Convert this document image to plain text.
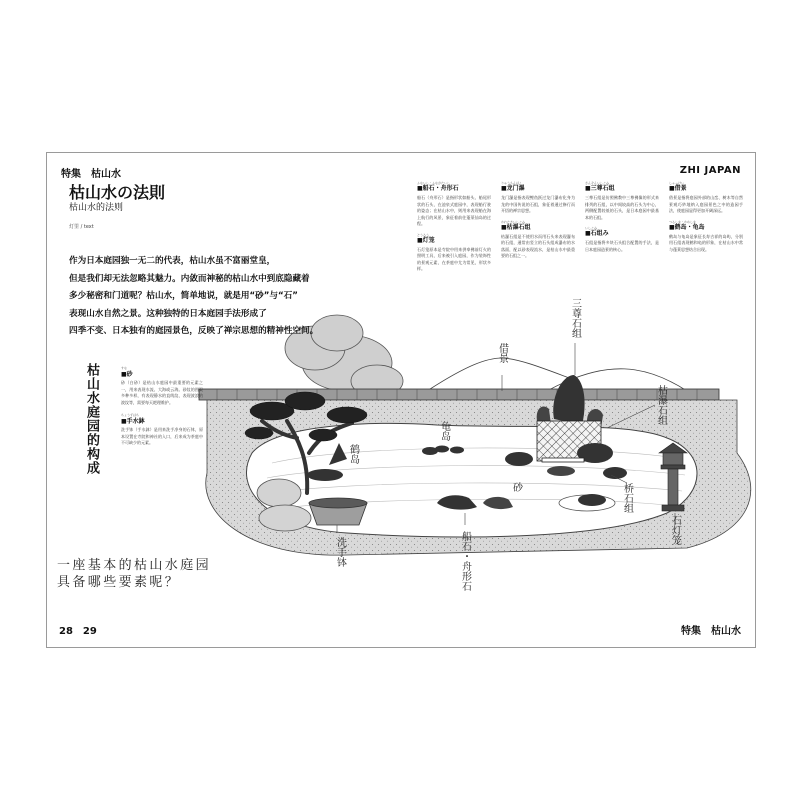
借景
三尊石组
龟岛
鹤岛
枯瀑石组
砂	桥石组
洗手钵	船石・舟形石
石灯笼
特集　枯山水	ZHI JAPAN
枯山水の法則
枯山水的法则
灯里 / text
作为日本庭园独一无二的代表，枯山水虽不富丽堂皇，
但是我们却无法忽略其魅力。内敛而神秘的枯山水中到底隐藏着
多少秘密和门道呢？枯山水，简单地说，就是用“砂”与“石”
表现山水自然之景。这种独特的日本庭园手法形成了
四季不变、日本独有的庭园景色，反映了禅宗思想的精神性空间。
ふないし・ふながたいし
■船石・舟形石

船石（舟形石）是指形状如船头、船尾形状的石头，在池泉式庭园中，表现船行驶的姿态；在枯山水中，则用来表现船在海上航行的风景，象征着前往蓬莱仙岛的过程。

とうろう
■灯笼

石灯笼原本是寺院中用来供奉佛前灯火的照明工具，后来被引入庭园，作为装饰性的景观元素，在茶庭中尤为常见，形状多样。

りゅうもんばく
■龙门瀑

龙门瀑是指表现鲤鱼跃过龙门瀑布化身为龙的中国传说的石组，象征着通过修行而开悟的禅宗思想。

かれたきいしぐみ
■枯瀑石组

枯瀑石组是不使用水而用石头来表现瀑布的石组，通常由竖立的石头组成瀑布的水落面，配以砂表现流水，是枯山水中最重要的石组之一。

さんぞんいしぐみ
■三尊石组

三尊石组是仿照佛教中三尊佛像的形式来排列的石组，以中间较高的石头为中心，两侧配置较低的石头，是日本庭园中最基本的石组。

いしぐみ
■石组み

石组是指将多块石头组合配置的手法，是日本庭园造景的核心。

しゃっけい
■借景

借景是指将庭园外部的山峦、树木等自然景观巧妙地纳入庭园景色之中的造园手法，使庭园显得更加开阔深远。

つるしま・かめしま
■鹤岛・龟岛

鹤岛与龟岛是象征长寿吉祥的岛屿，分别用石组表现鹤和龟的形象，在枯山水中常与蓬莱思想结合出现。

枯山水庭园的构成	すな
■砂

砂（白砂）是枯山水庭园中最重要的元素之一，用来表现水流、大海或云海。砂纹的图案多种多样，有表现静水的直线纹、表现波浪的波纹等，需要每天耙理维护。

ちょうずばち
■手水鉢

洗手钵（手水鉢）是用来洗手净身的石钵，原本设置在寺院和神社的入口，后来成为茶庭中不可缺少的元素。

一座基本的枯山水庭园
具备哪些要素呢？
28　29	特集　枯山水
